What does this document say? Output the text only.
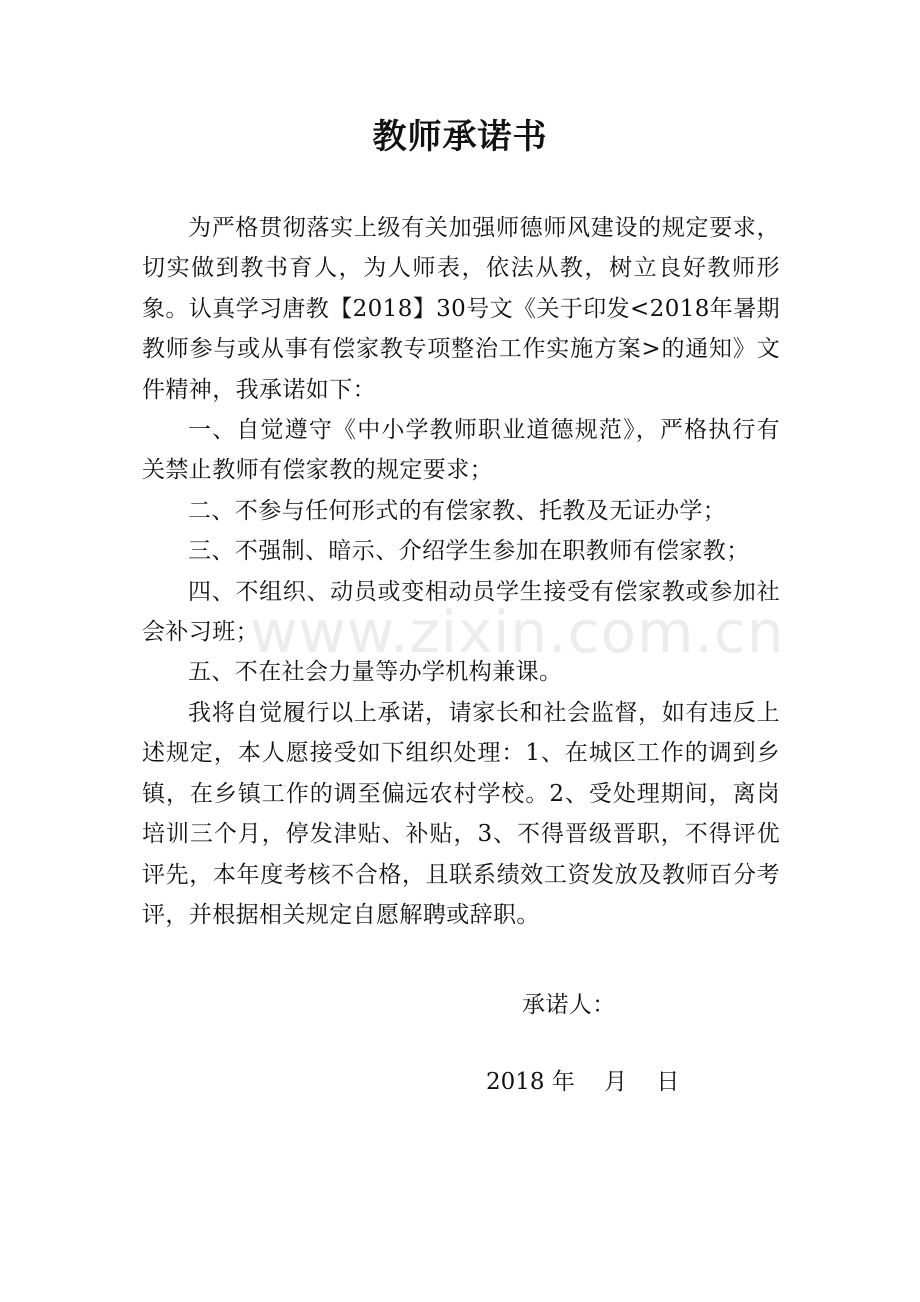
教师承诺书

为严格贯彻落实上级有关加强师德师风建设的规定要求，切实做到教书育人，为人师表，依法从教，树立良好教师形象。认真学习唐教【2018】30号文《关于印发<2018年暑期教师参与或从事有偿家教专项整治工作实施方案>的通知》文件精神，我承诺如下：

一、自觉遵守《中小学教师职业道德规范》，严格执行有关禁止教师有偿家教的规定要求；

二、不参与任何形式的有偿家教、托教及无证办学；

三、不强制、暗示、介绍学生参加在职教师有偿家教；

四、不组织、动员或变相动员学生接受有偿家教或参加社会补习班；

五、不在社会力量等办学机构兼课。

我将自觉履行以上承诺，请家长和社会监督，如有违反上述规定，本人愿接受如下组织处理：1、在城区工作的调到乡镇，在乡镇工作的调至偏远农村学校。2、受处理期间，离岗培训三个月，停发津贴、补贴，3、不得晋级晋职，不得评优评先，本年度考核不合格，且联系绩效工资发放及教师百分考评，并根据相关规定自愿解聘或辞职。

www.zixin.com.cn
承诺人：
2018 年    月    日
